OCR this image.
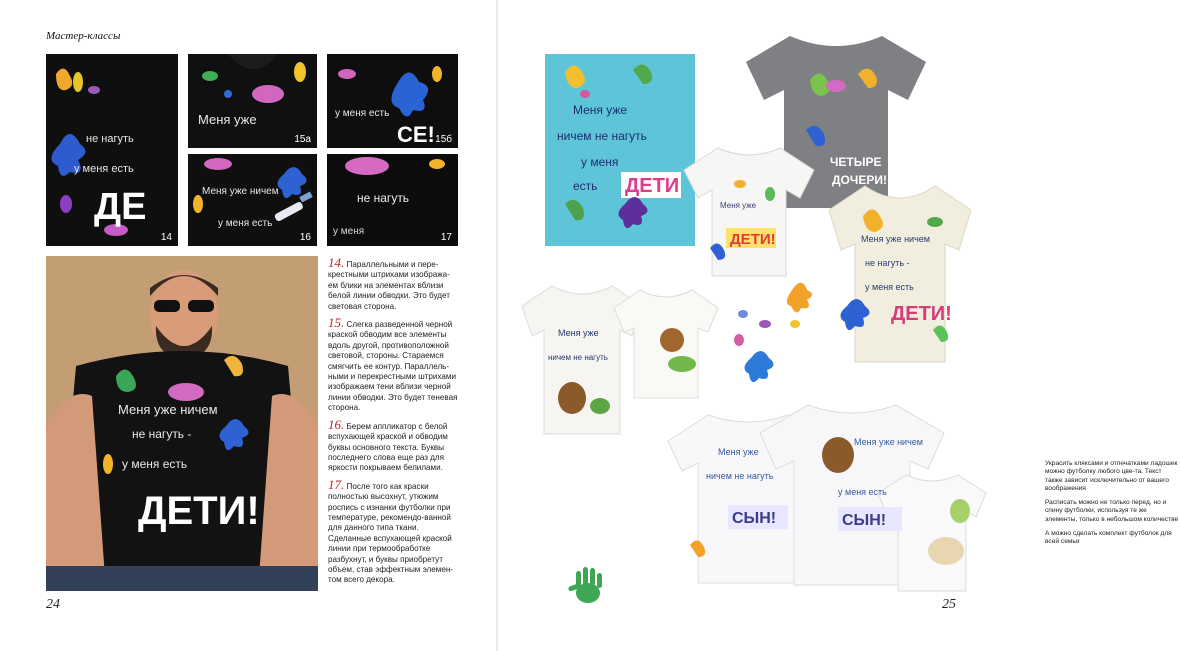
Мастер-классы
не нагуть
у меня есть
ДЕ
14
Меня уже
15а
у меня есть
СЕ! 15б
Меня уже ничем
у меня есть
16
не нагуть
у меня
17
Меня уже ничем
не нагуть -
у меня есть
ДЕТИ!

14. Параллельными и пере-крестными штрихами изобража-ем блики на элементах вблизи белой линии обводки. Это будет световая сторона.

15. Слегка разведенной черной краской обводим все элементы вдоль другой, противоположной световой, стороны. Стараемся смягчить ее контур. Параллель-ными и перекрестными штрихами изображаем тени вблизи черной линии обводки. Это будет теневая сторона.

16. Берем аппликатор с белой вспухающей краской и обводим буквы основного текста. Буквы последнего слова еще раз для яркости покрываем белилами.

17. После того как краски полностью высохнут, утюжим роспись с изнанки футболки при температуре, рекомендо-ванной для данного типа ткани. Сделанные вспухающей краской линии при термообработке разбухнут, и буквы приобретут объем, став эффектным элемен-том всего декора.

24
Меня уже
ничем не нагуть
у меня
есть ДЕТИ
ЧЕТЫРЕ
ДОЧЕРИ!
Меня уже
ДЕТИ!	Меня уже ничем
не нагуть -
у меня есть
ДЕТИ!
Меня уже
ничем не нагуть
Меня уже
ничем не нагуть
СЫН!
Меня уже ничем
у меня есть
СЫН!

Украсить кляксами и отпечатками ладошек можно футболку любого цве-та. Текст также зависит исключительно от вашего воображения

Расписать можно не только перед, но и спину футболки, используя те же элементы, только в небольшом количестве

А можно сделать комплект футболок для всей семьи

25
